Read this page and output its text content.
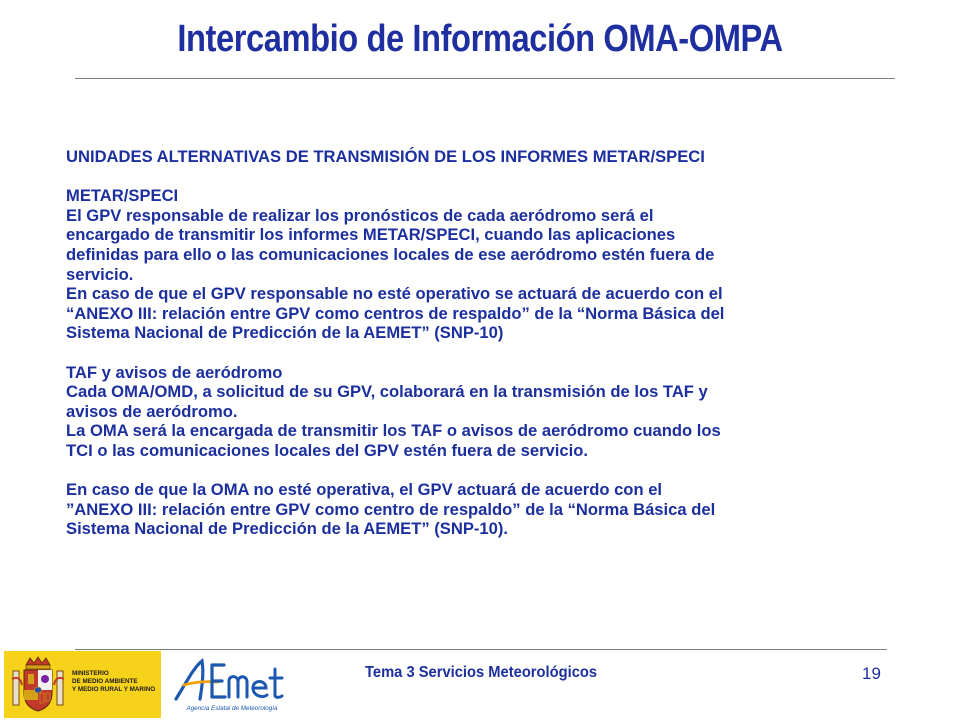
Intercambio de Información OMA-OMPA

UNIDADES ALTERNATIVAS DE TRANSMISIÓN DE LOS INFORMES METAR/SPECI

METAR/SPECI

El GPV responsable de realizar los pronósticos de cada aeródromo será el

encargado de transmitir los informes METAR/SPECI, cuando las aplicaciones

definidas para ello o las comunicaciones locales de ese aeródromo estén fuera de

servicio.

En caso de que el GPV responsable no esté operativo se actuará de acuerdo con el

“ANEXO III: relación entre GPV como centros de respaldo” de la “Norma Básica del

Sistema Nacional de Predicción de la AEMET” (SNP-10)

TAF y avisos de aeródromo

Cada OMA/OMD, a solicitud de su GPV, colaborará en la transmisión de los TAF y

avisos de aeródromo.

La OMA será la encargada de transmitir los TAF o avisos de aeródromo cuando los

TCI o las comunicaciones locales del GPV estén fuera de servicio.

En caso de que la OMA no esté operativa, el GPV actuará de acuerdo con el

”ANEXO III: relación entre GPV como centro de respaldo” de la “Norma Básica del

Sistema Nacional de Predicción de la AEMET” (SNP-10).

MINISTERIO
DE MEDIO AMBIENTE
Y MEDIO RURAL Y MARINO
Agencia Estatal de Meteorología
Tema 3 Servicios Meteorológicos	19
